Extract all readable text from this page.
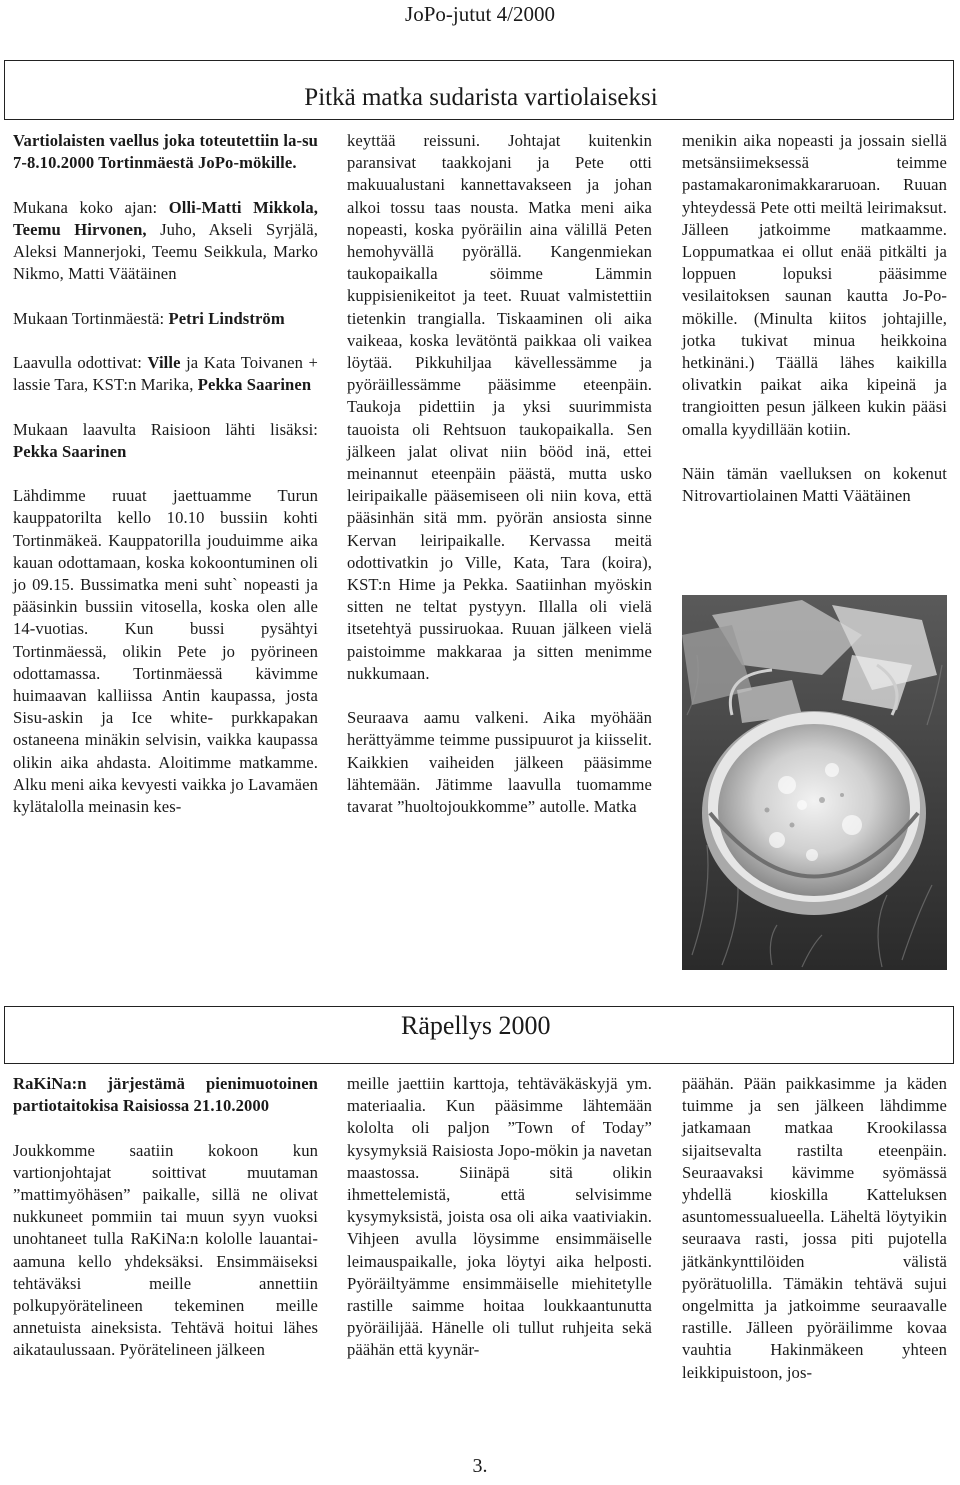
JoPo-jutut 4/2000
Pitkä matka sudarista vartiolaiseksi

Vartiolaisten vaellus joka toteutettiin la-su 7-8.10.2000 Tortinmäestä JoPo-mökille.

Mukana koko ajan: Olli-Matti Mikkola, Teemu Hirvonen, Juho, Akseli Syrjälä, Aleksi Mannerjoki, Teemu Seikkula, Marko Nikmo, Matti Väätäinen

Mukaan Tortinmäestä: Petri Lindström

Laavulla odottivat: Ville ja Kata Toivanen + lassie Tara, KST:n Marika, Pekka Saarinen

Mukaan laavulta Raisioon lähti lisäksi: Pekka Saarinen

Lähdimme ruuat jaettuamme Turun kauppatorilta kello 10.10 bussiin kohti Tortinmäkeä. Kauppatorilla jouduimme aika kauan odottamaan, koska kokoontuminen oli jo 09.15. Bussimatka meni suht` nopeasti ja pääsinkin bussiin vitosella, koska olen alle 14-vuotias. Kun bussi pysähtyi Tortinmäessä, olikin Pete jo pyörineen odottamassa. Tortinmäessä kävimme huimaavan kalliissa Antin kaupassa, josta Sisu-askin ja Ice white- purkkapakan ostaneena minäkin selvisin, vaikka kaupassa olikin aika ahdasta. Aloitimme matkamme. Alku meni aika kevyesti vaikka jo Lavamäen kylätalolla meinasin kes-

keyttää reissuni. Johtajat kuitenkin paransivat taakkojani ja Pete otti makuualustani kannettavakseen ja johan alkoi tossu taas nousta. Matka meni aika nopeasti, koska pyöräilin aina välillä Peten hemohyvällä pyörällä. Kangenmiekan taukopaikalla söimme Lämmin kuppisienikeitot ja teet. Ruuat valmistettiin tietenkin trangialla. Tiskaaminen oli aika vaikeaa, koska levätöntä paikkaa oli vaikea löytää. Pikkuhiljaa kävellessämme ja pyöräillessämme pääsimme eteenpäin. Taukoja pidettiin ja yksi suurimmista tauoista oli Rehtsuon taukopaikalla. Sen jälkeen jalat olivat niin bööd inä, ettei meinannut eteenpäin päästä, mutta usko leiripaikalle pääsemiseen oli niin kova, että pääsinhän sitä mm. pyörän ansiosta sinne Kervan leiripaikalle. Kervassa meitä odottivatkin jo Ville, Kata, Tara (koira), KST:n Hime ja Pekka. Saatiinhan myöskin sitten ne teltat pystyyn. Illalla oli vielä itsetehtyä pussiruokaa. Ruuan jälkeen vielä paistoimme makkaraa ja sitten menimme nukkumaan.

Seuraava aamu valkeni. Aika myöhään herättyämme teimme pussipuurot ja kiisselit. Kaikkien vaiheiden jälkeen pääsimme lähtemään. Jätimme laavulla tuomamme tavarat ”huoltojoukkomme” autolle. Matka

menikin aika nopeasti ja jossain siellä metsänsiimeksessä teimme pastamakaronimakkararuoan. Ruuan yhteydessä Pete otti meiltä leirimaksut. Jälleen jatkoimme matkaamme. Loppumatkaa ei ollut enää pitkälti ja loppuen lopuksi pääsimme vesilaitoksen saunan kautta Jo-Po-mökille. (Minulta kiitos johtajille, jotka tukivat minua heikkoina hetkinäni.) Täällä lähes kaikilla olivatkin paikat aika kipeinä ja trangioitten pesun jälkeen kukin pääsi omalla kyydillään kotiin.

Näin tämän vaelluksen on kokenut Nitrovartiolainen Matti Väätäinen

Räpellys 2000

RaKiNa:n järjestämä pienimuotoinen partiotaitokisa Raisiossa 21.10.2000

Joukkomme saatiin kokoon kun vartionjohtajat soittivat muutaman ”mattimyöhäsen” paikalle, sillä ne olivat nukkuneet pommiin tai muun syyn vuoksi unohtaneet tulla RaKiNa:n kololle lauantai-aamuna kello yhdeksäksi. Ensimmäiseksi tehtäväksi meille annettiin polkupyörätelineen tekeminen meille annetuista aineksista. Tehtävä hoitui lähes aikataulussaan. Pyörätelineen jälkeen

meille jaettiin karttoja, tehtäväkäskyjä ym. materiaalia. Kun pääsimme lähtemään kololta oli paljon ”Town of Today” kysymyksiä Raisiosta Jopo-mökin ja navetan maastossa. Siinäpä sitä olikin ihmettelemistä, että selvisimme kysymyksistä, joista osa oli aika vaativiakin. Vihjeen avulla löysimme ensimmäiselle leimauspaikalle, joka löytyi aika helposti. Pyöräiltyämme ensimmäiselle miehitetylle rastille saimme hoitaa loukkaantunutta pyöräilijää. Hänelle oli tullut ruhjeita sekä päähän että kyynär-

päähän. Pään paikkasimme ja käden tuimme ja sen jälkeen lähdimme jatkamaan matkaa Krookilassa sijaitsevalta rastilta eteenpäin. Seuraavaksi kävimme syömässä yhdellä kioskilla Katteluksen asuntomessualueella. Läheltä löytyikin seuraava rasti, jossa piti pujotella jätkänkynttilöiden välistä pyörätuolilla. Tämäkin tehtävä sujui ongelmitta ja jatkoimme seuraavalle rastille. Jälleen pyöräilimme kovaa vauhtia Hakinmäkeen yhteen leikkipuistoon, jos-

3.
